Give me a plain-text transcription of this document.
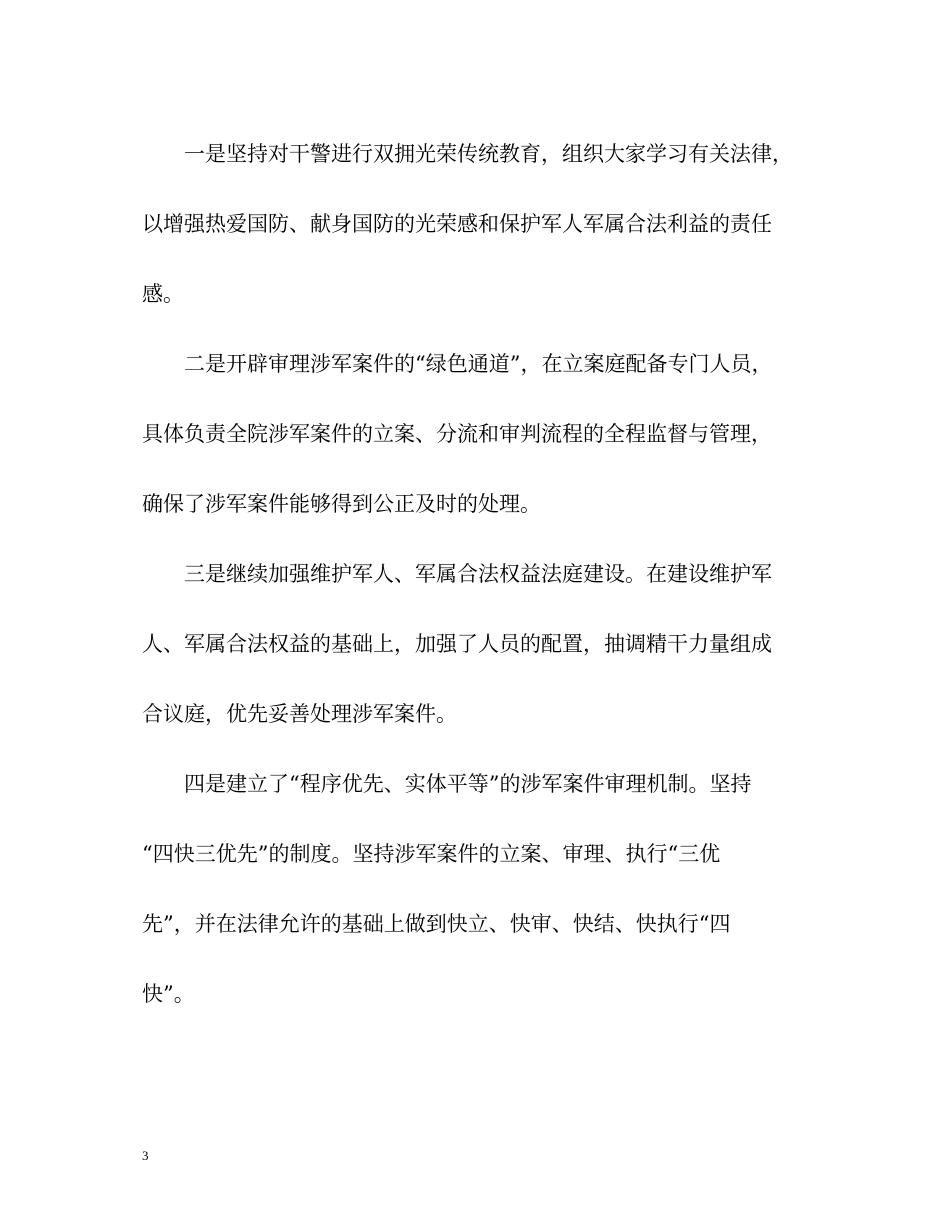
一是坚持对干警进行双拥光荣传统教育，组织大家学习有关法律，
以增强热爱国防、献身国防的光荣感和保护军人军属合法利益的责任
感。

二是开辟审理涉军案件的“绿色通道”，在立案庭配备专门人员，
具体负责全院涉军案件的立案、分流和审判流程的全程监督与管理，
确保了涉军案件能够得到公正及时的处理。

三是继续加强维护军人、军属合法权益法庭建设。在建设维护军
人、军属合法权益的基础上，加强了人员的配置，抽调精干力量组成
合议庭，优先妥善处理涉军案件。

四是建立了“程序优先、实体平等”的涉军案件审理机制。坚持
“四快三优先”的制度。坚持涉军案件的立案、审理、执行“三优
先”，并在法律允许的基础上做到快立、快审、快结、快执行“四
快”。

3
